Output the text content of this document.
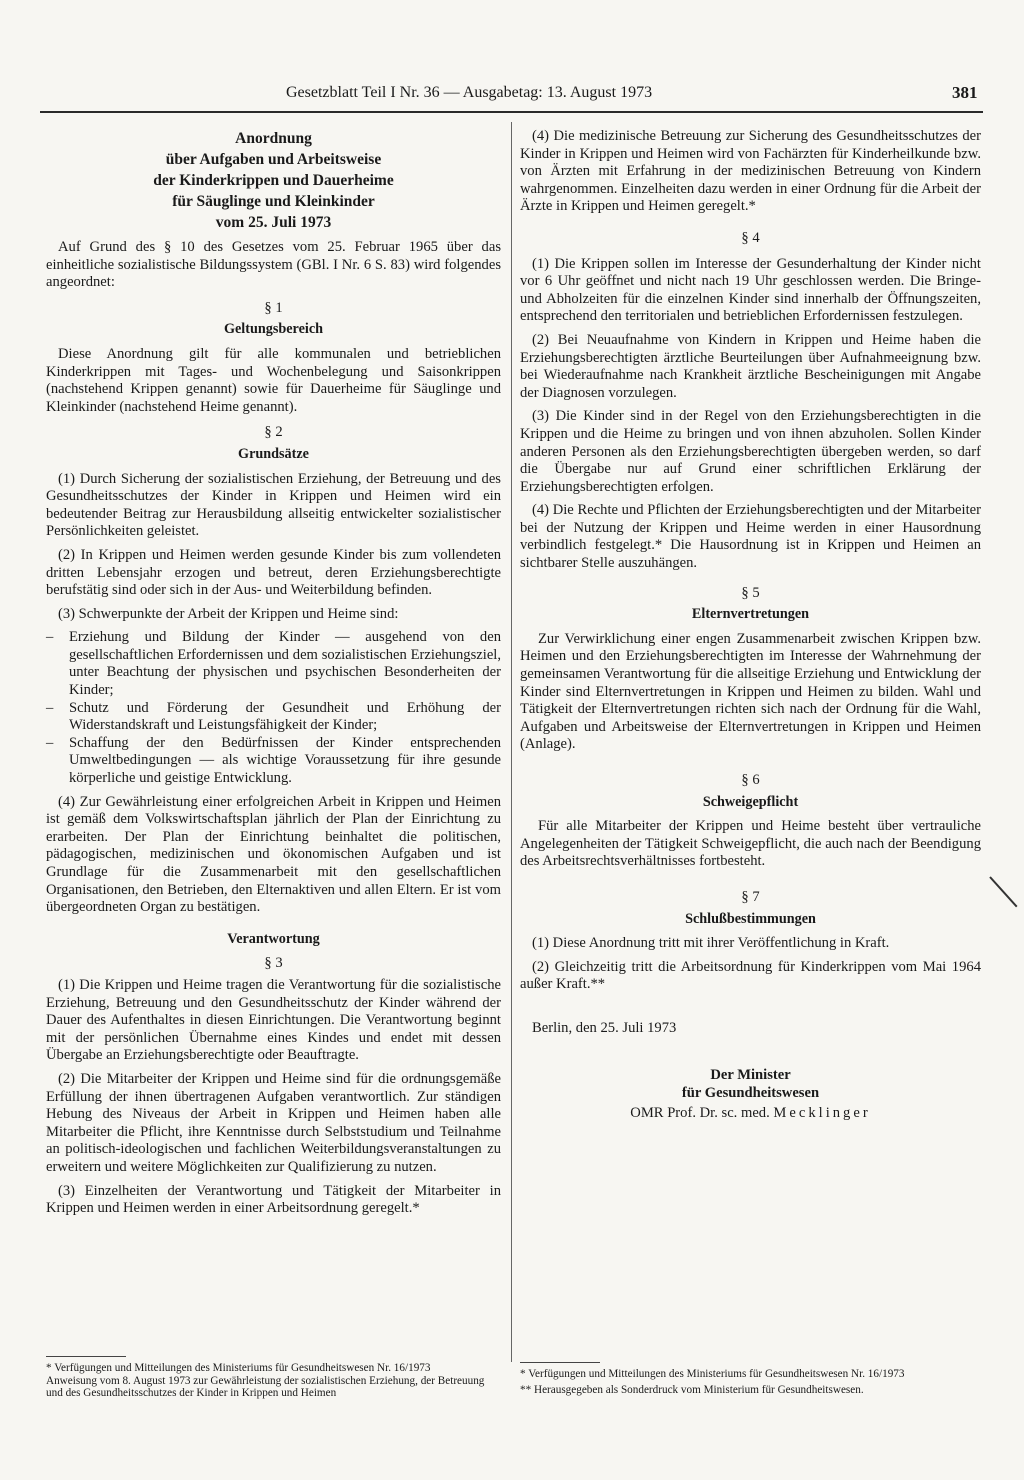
Gesetzblatt Teil I Nr. 36 — Ausgabetag: 13. August 1973	381
Anordnung
über Aufgaben und Arbeitsweise
der Kinderkrippen und Dauerheime
für Säuglinge und Kleinkinder
vom 25. Juli 1973

Auf Grund des § 10 des Gesetzes vom 25. Februar 1965 über das einheitliche sozialistische Bildungssystem (GBl. I Nr. 6 S. 83) wird folgendes angeordnet:

§ 1
Geltungsbereich

Diese Anordnung gilt für alle kommunalen und betrieblichen Kinderkrippen mit Tages- und Wochenbelegung und Saisonkrippen (nachstehend Krippen genannt) sowie für Dauerheime für Säuglinge und Kleinkinder (nachstehend Heime genannt).

§ 2
Grundsätze

(1) Durch Sicherung der sozialistischen Erziehung, der Betreuung und des Gesundheitsschutzes der Kinder in Krippen und Heimen wird ein bedeutender Beitrag zur Herausbildung allseitig entwickelter sozialistischer Persönlichkeiten geleistet.

(2) In Krippen und Heimen werden gesunde Kinder bis zum vollendeten dritten Lebensjahr erzogen und betreut, deren Erziehungsberechtigte berufstätig sind oder sich in der Aus- und Weiterbildung befinden.

(3) Schwerpunkte der Arbeit der Krippen und Heime sind:

– Erziehung und Bildung der Kinder — ausgehend von den gesellschaftlichen Erfordernissen und dem sozialistischen Erziehungsziel, unter Beachtung der physischen und psychischen Besonderheiten der Kinder;
– Schutz und Förderung der Gesundheit und Erhöhung der Widerstandskraft und Leistungsfähigkeit der Kinder;
– Schaffung der den Bedürfnissen der Kinder entsprechenden Umweltbedingungen — als wichtige Voraussetzung für ihre gesunde körperliche und geistige Entwicklung.

(4) Zur Gewährleistung einer erfolgreichen Arbeit in Krippen und Heimen ist gemäß dem Volkswirtschaftsplan jährlich der Plan der Einrichtung zu erarbeiten. Der Plan der Einrichtung beinhaltet die politischen, pädagogischen, medizinischen und ökonomischen Aufgaben und ist Grundlage für die Zusammenarbeit mit den gesellschaftlichen Organisationen, den Betrieben, den Elternaktiven und allen Eltern. Er ist vom übergeordneten Organ zu bestätigen.

Verantwortung
§ 3

(1) Die Krippen und Heime tragen die Verantwortung für die sozialistische Erziehung, Betreuung und den Gesundheitsschutz der Kinder während der Dauer des Aufenthaltes in diesen Einrichtungen. Die Verantwortung beginnt mit der persönlichen Übernahme eines Kindes und endet mit dessen Übergabe an Erziehungsberechtigte oder Beauftragte.

(2) Die Mitarbeiter der Krippen und Heime sind für die ordnungsgemäße Erfüllung der ihnen übertragenen Aufgaben verantwortlich. Zur ständigen Hebung des Niveaus der Arbeit in Krippen und Heimen haben alle Mitarbeiter die Pflicht, ihre Kenntnisse durch Selbststudium und Teilnahme an politisch-ideologischen und fachlichen Weiterbildungsveranstaltungen zu erweitern und weitere Möglichkeiten zur Qualifizierung zu nutzen.

(3) Einzelheiten der Verantwortung und Tätigkeit der Mitarbeiter in Krippen und Heimen werden in einer Arbeitsordnung geregelt.*

(4) Die medizinische Betreuung zur Sicherung des Gesundheitsschutzes der Kinder in Krippen und Heimen wird von Fachärzten für Kinderheilkunde bzw. von Ärzten mit Erfahrung in der medizinischen Betreuung von Kindern wahrgenommen. Einzelheiten dazu werden in einer Ordnung für die Arbeit der Ärzte in Krippen und Heimen geregelt.*

§ 4

(1) Die Krippen sollen im Interesse der Gesunderhaltung der Kinder nicht vor 6 Uhr geöffnet und nicht nach 19 Uhr geschlossen werden. Die Bringe- und Abholzeiten für die einzelnen Kinder sind innerhalb der Öffnungszeiten, entsprechend den territorialen und betrieblichen Erfordernissen festzulegen.

(2) Bei Neuaufnahme von Kindern in Krippen und Heime haben die Erziehungsberechtigten ärztliche Beurteilungen über Aufnahmeeignung bzw. bei Wiederaufnahme nach Krankheit ärztliche Bescheinigungen mit Angabe der Diagnosen vorzulegen.

(3) Die Kinder sind in der Regel von den Erziehungsberechtigten in die Krippen und die Heime zu bringen und von ihnen abzuholen. Sollen Kinder anderen Personen als den Erziehungsberechtigten übergeben werden, so darf die Übergabe nur auf Grund einer schriftlichen Erklärung der Erziehungsberechtigten erfolgen.

(4) Die Rechte und Pflichten der Erziehungsberechtigten und der Mitarbeiter bei der Nutzung der Krippen und Heime werden in einer Hausordnung verbindlich festgelegt.* Die Hausordnung ist in Krippen und Heimen an sichtbarer Stelle auszuhängen.

§ 5
Elternvertretungen

Zur Verwirklichung einer engen Zusammenarbeit zwischen Krippen bzw. Heimen und den Erziehungsberechtigten im Interesse der Wahrnehmung der gemeinsamen Verantwortung für die allseitige Erziehung und Entwicklung der Kinder sind Elternvertretungen in Krippen und Heimen zu bilden. Wahl und Tätigkeit der Elternvertretungen richten sich nach der Ordnung für die Wahl, Aufgaben und Arbeitsweise der Elternvertretungen in Krippen und Heimen (Anlage).

§ 6
Schweigepflicht

Für alle Mitarbeiter der Krippen und Heime besteht über vertrauliche Angelegenheiten der Tätigkeit Schweigepflicht, die auch nach der Beendigung des Arbeitsrechtsverhältnisses fortbesteht.

§ 7
Schlußbestimmungen

(1) Diese Anordnung tritt mit ihrer Veröffentlichung in Kraft.

(2) Gleichzeitig tritt die Arbeitsordnung für Kinderkrippen vom Mai 1964 außer Kraft.**

Berlin, den 25. Juli 1973

Der Minister
für Gesundheitswesen
OMR Prof. Dr. sc. med. Mecklinger

* Verfügungen und Mitteilungen des Ministeriums für Gesundheitswesen Nr. 16/1973

Anweisung vom 8. August 1973 zur Gewährleistung der sozialistischen Erziehung, der Betreuung und des Gesundheitsschutzes der Kinder in Krippen und Heimen

* Verfügungen und Mitteilungen des Ministeriums für Gesundheitswesen Nr. 16/1973

** Herausgegeben als Sonderdruck vom Ministerium für Gesundheitswesen.
